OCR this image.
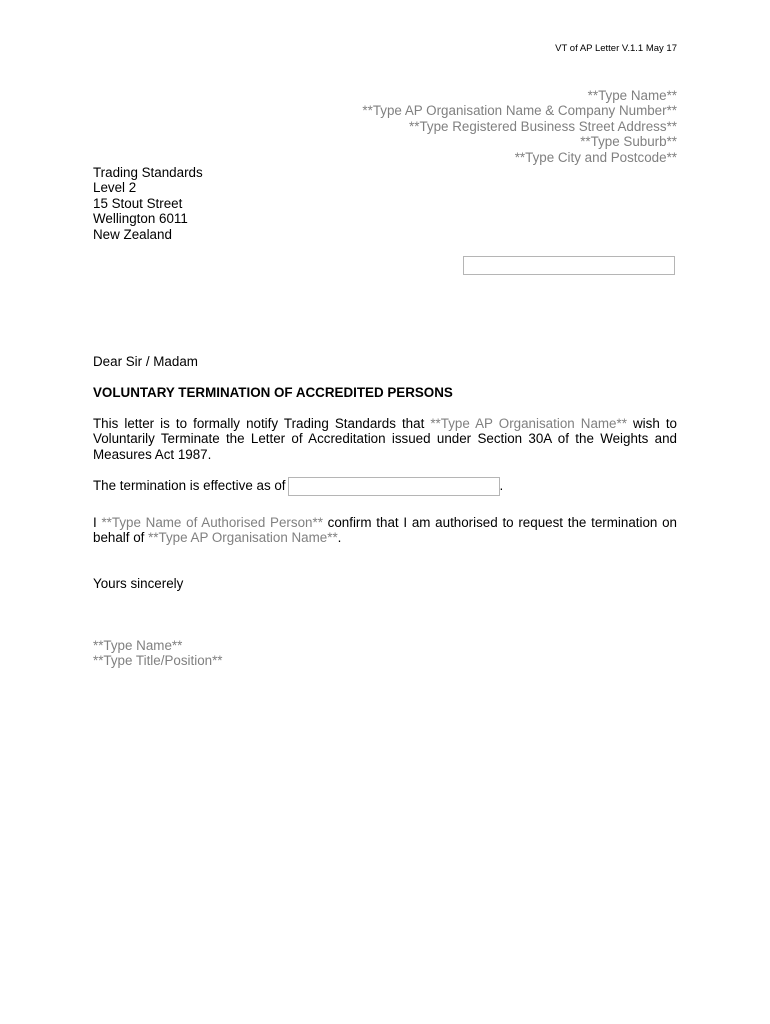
VT of AP Letter V.1.1 May 17
**Type Name**
**Type AP Organisation Name & Company Number**
**Type Registered Business Street Address**
**Type Suburb**
**Type City and Postcode**
Trading Standards
Level 2
15 Stout Street
Wellington 6011
New Zealand
Dear Sir / Madam
VOLUNTARY TERMINATION OF ACCREDITED PERSONS
This letter is to formally notify Trading Standards that **Type AP Organisation Name** wish to Voluntarily Terminate the Letter of Accreditation issued under Section 30A of the Weights and Measures Act 1987.
The termination is effective as of	.
I **Type Name of Authorised Person** confirm that I am authorised to request the termination on behalf of **Type AP Organisation Name**.
Yours sincerely
**Type Name**
**Type Title/Position**
